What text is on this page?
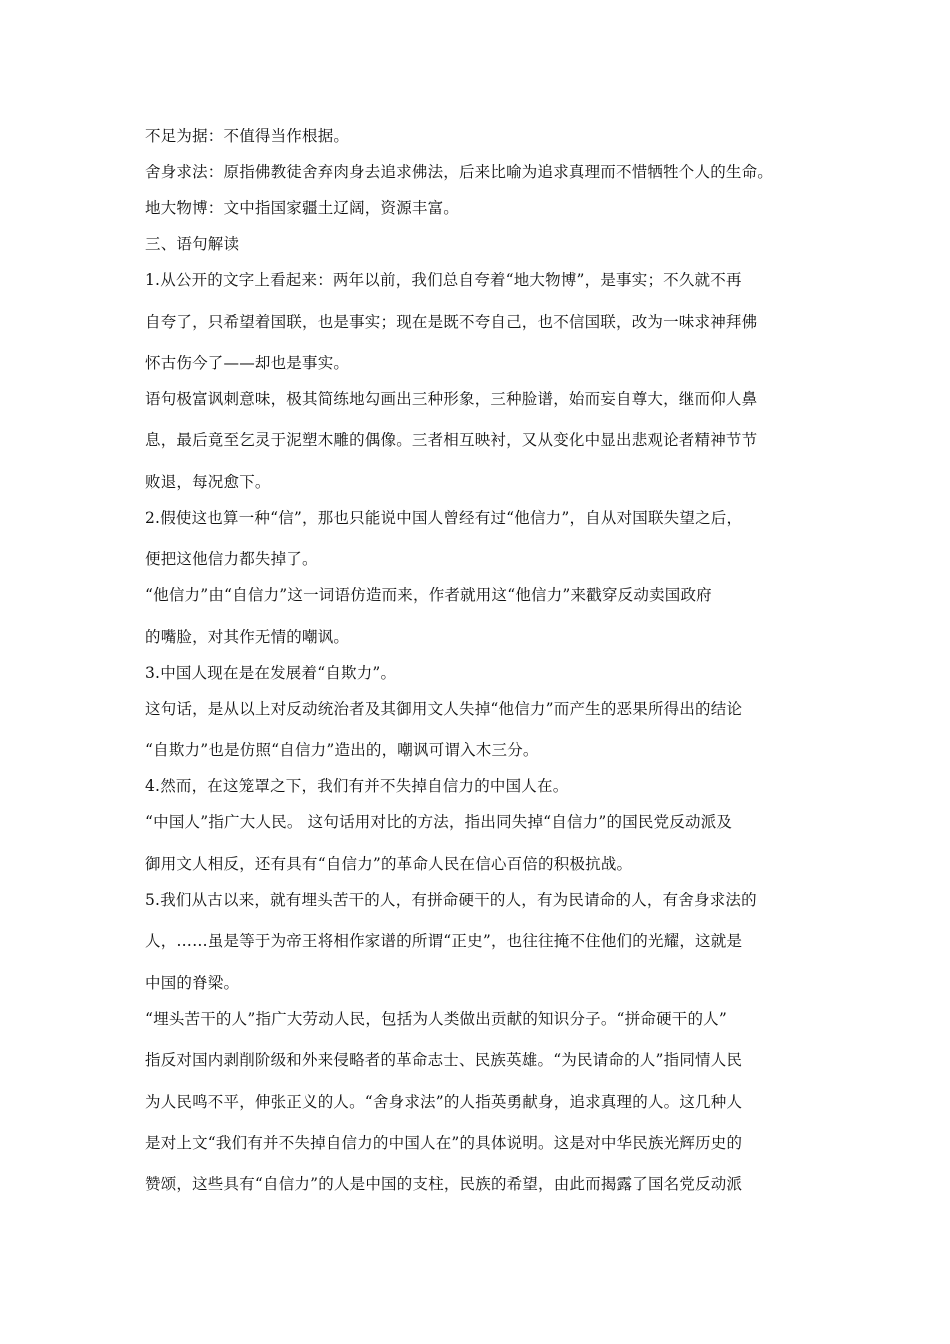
不足为据：不值得当作根据。
舍身求法：原指佛教徒舍弃肉身去追求佛法，后来比喻为追求真理而不惜牺牲个人的生命。
地大物博：文中指国家疆土辽阔，资源丰富。
三、语句解读
1.从公开的文字上看起来：两年以前，我们总自夸着“地大物博”，是事实；不久就不再
自夸了，只希望着国联，也是事实；现在是既不夸自己，也不信国联，改为一味求神拜佛
怀古伤今了——却也是事实。
语句极富讽刺意味，极其简练地勾画出三种形象，三种脸谱，始而妄自尊大，继而仰人鼻
息，最后竟至乞灵于泥塑木雕的偶像。三者相互映衬，又从变化中显出悲观论者精神节节
败退，每况愈下。
2.假使这也算一种“信”，那也只能说中国人曾经有过“他信力”，自从对国联失望之后，
便把这他信力都失掉了。
“他信力”由“自信力”这一词语仿造而来，作者就用这“他信力”来戳穿反动卖国政府
的嘴脸，对其作无情的嘲讽。
3.中国人现在是在发展着“自欺力”。
这句话，是从以上对反动统治者及其御用文人失掉“他信力”而产生的恶果所得出的结论
“自欺力”也是仿照“自信力”造出的，嘲讽可谓入木三分。
4.然而，在这笼罩之下，我们有并不失掉自信力的中国人在。
“中国人”指广大人民。 这句话用对比的方法，指出同失掉“自信力”的国民党反动派及
御用文人相反，还有具有“自信力”的革命人民在信心百倍的积极抗战。
5.我们从古以来，就有埋头苦干的人，有拼命硬干的人，有为民请命的人，有舍身求法的
人，……虽是等于为帝王将相作家谱的所谓“正史”，也往往掩不住他们的光耀，这就是
中国的脊梁。
“埋头苦干的人”指广大劳动人民，包括为人类做出贡献的知识分子。“拼命硬干的人”
指反对国内剥削阶级和外来侵略者的革命志士、民族英雄。“为民请命的人”指同情人民
为人民鸣不平，伸张正义的人。“舍身求法”的人指英勇献身，追求真理的人。这几种人
是对上文“我们有并不失掉自信力的中国人在”的具体说明。这是对中华民族光辉历史的
赞颂，这些具有“自信力”的人是中国的支柱，民族的希望，由此而揭露了国名党反动派
